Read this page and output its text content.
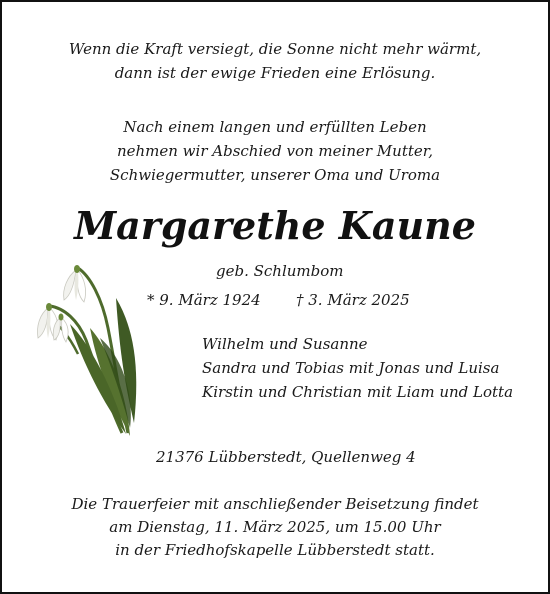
Wenn die Kraft versiegt, die Sonne nicht mehr wärmt,
dann ist der ewige Frieden eine Erlösung.
Nach einem langen und erfüllten Leben
nehmen wir Abschied von meiner Mutter,
Schwiegermutter, unserer Oma und Uroma
Margarethe Kaune
geb. Schlumbom
* 9. März 1924 † 3. März 2025
Wilhelm und Susanne
Sandra und Tobias mit Jonas und Luisa
Kirstin und Christian mit Liam und Lotta
21376 Lübberstedt, Quellenweg 4
Die Trauerfeier mit anschließender Beisetzung findet
am Dienstag, 11. März 2025, um 15.00 Uhr
in der Friedhofskapelle Lübberstedt statt.
